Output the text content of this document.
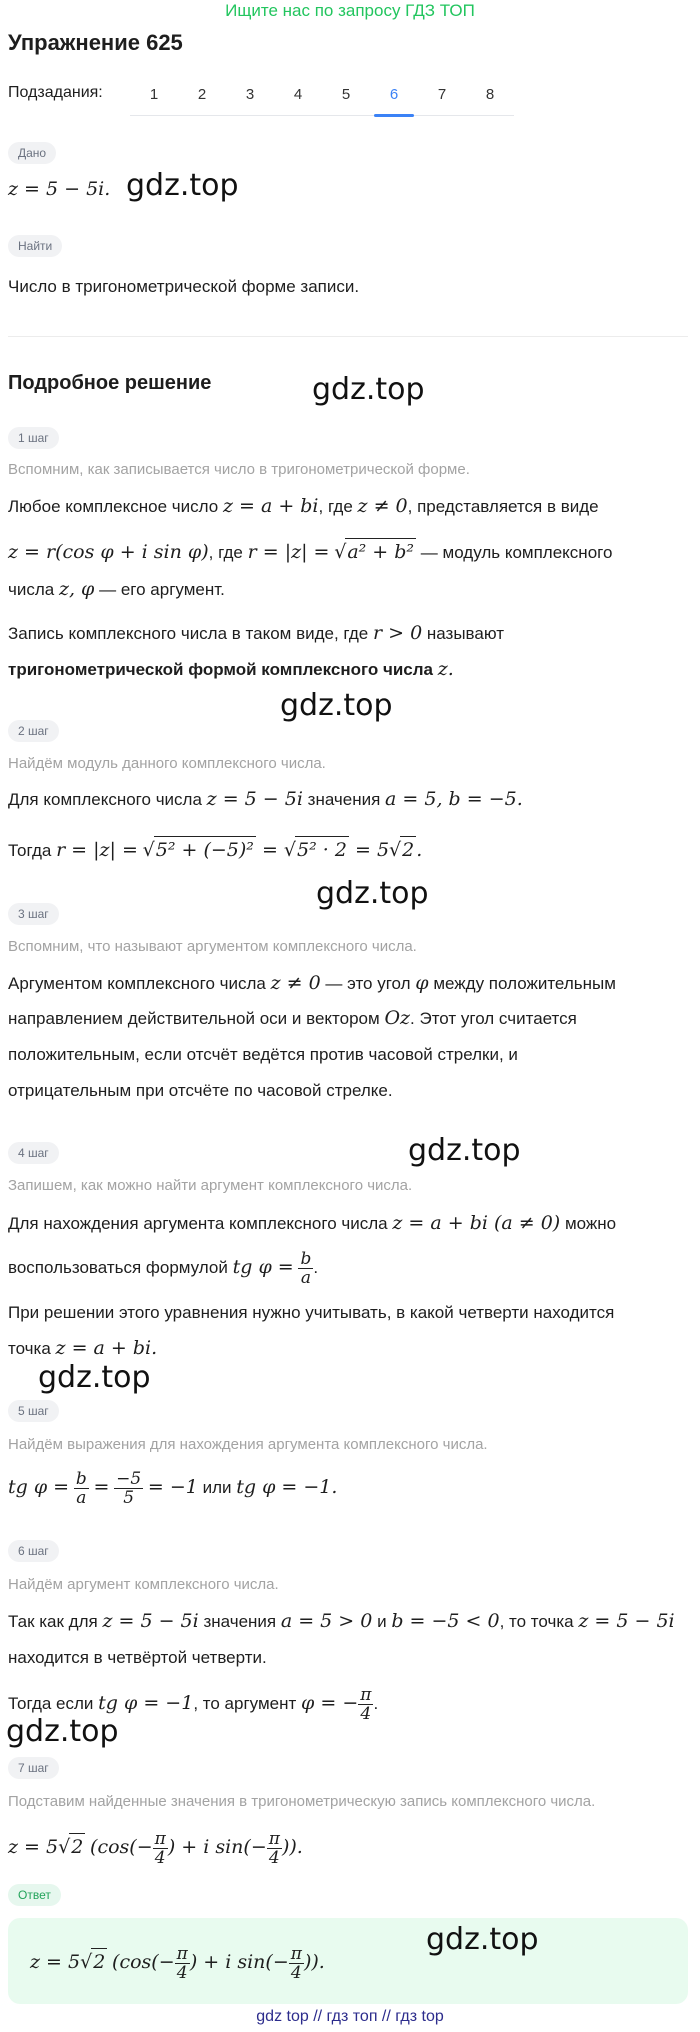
Ищите нас по запросу ГДЗ ТОП
Упражнение 625
Подзадания:	1	2	3	4	5	6	7	8
Дано
z = 5 − 5i. gdz.top
Найти
Число в тригонометрической форме записи.
Подробное решение	gdz.top
1 шаг
Вспомним, как записывается число в тригонометрической форме.
Любое комплексное число z = a + bi, где z ≠ 0, представляется в виде
z = r(cos φ + i sin φ), где r = |z| = √a² + b² — модуль комплексного
числа z, φ — его аргумент.
Запись комплексного числа в таком виде, где r > 0 называют
тригонометрической формой комплексного числа z.
gdz.top
2 шаг
Найдём модуль данного комплексного числа.
Для комплексного числа z = 5 − 5i значения a = 5, b = −5.
Тогда r = |z| = √5² + (−5)² = √5² · 2 = 5√2 .
gdz.top
3 шаг
Вспомним, что называют аргументом комплексного числа.
Аргументом комплексного числа z ≠ 0 — это угол φ между положительным
направлением действительной оси и вектором Oz. Этот угол считается
положительным, если отсчёт ведётся против часовой стрелки, и
отрицательным при отсчёте по часовой стрелке.
gdz.top
4 шаг
Запишем, как можно найти аргумент комплексного числа.
Для нахождения аргумента комплексного числа z = a + bi (a ≠ 0) можно
воспользоваться формулой tg $\varphi = \frac{b}{a}$ .
При решении этого уравнения нужно учитывать, в какой четверти находится
точка z = a + bi.
gdz.top
5 шаг
Найдём выражения для нахождения аргумента комплексного числа.
tg $\varphi = \frac{b}{a} = \frac{-5}{5} = -1$ или tg φ = −1.
6 шаг
Найдём аргумент комплексного числа.
Так как для z = 5 − 5i значения a = 5 > 0 и b = −5 < 0, то точка z = 5 − 5i
находится в четвёртой четверти.
Тогда если tg φ = −1, то аргумент φ = − $\frac{\pi}{4}$ .
gdz.top
7 шаг
Подставим найденные значения в тригонометрическую запись комплексного числа.
z = 5√2 ($\cos(- \frac{\pi}{4}$ ) + i $\sin(- \frac{\pi}{4}$ )).
Ответ
z = 5√2 ($\cos(- \frac{\pi}{4}$ ) + i $\sin(- \frac{\pi}{4}$ )).
gdz.top
gdz top // гдз топ // гдз top
